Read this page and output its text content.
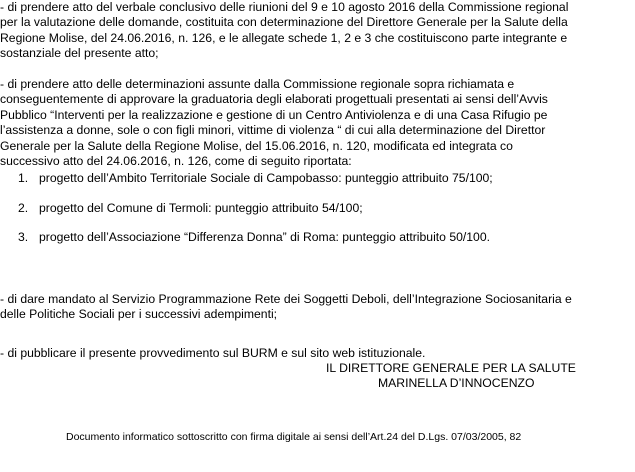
- di prendere atto del verbale conclusivo delle riunioni del 9 e 10 agosto 2016 della Commissione regional
per la valutazione delle domande, costituita con determinazione del Direttore Generale per la Salute della
Regione Molise, del 24.06.2016, n. 126, e le allegate schede 1, 2 e 3 che costituiscono parte integrante e
sostanziale del presente atto;
- di prendere atto delle determinazioni assunte dalla Commissione regionale sopra richiamata e
conseguentemente di approvare la graduatoria degli elaborati progettuali presentati ai sensi dell’Avvis
Pubblico “Interventi per la realizzazione e gestione di un Centro Antiviolenza e di una Casa Rifugio pe
l’assistenza a donne, sole o con figli minori, vittime di violenza “ di cui alla determinazione del Direttor
Generale per la Salute della Regione Molise, del 15.06.2016, n. 120, modificata ed integrata co
successivo atto del 24.06.2016, n. 126, come di seguito riportata:
1. progetto dell’Ambito Territoriale Sociale di Campobasso: punteggio attribuito 75/100;
2. progetto del Comune di Termoli: punteggio attribuito 54/100;
3. progetto dell’Associazione “Differenza Donna” di Roma: punteggio attribuito 50/100.
- di dare mandato al Servizio Programmazione Rete dei Soggetti Deboli, dell’Integrazione Sociosanitaria e
delle Politiche Sociali per i successivi adempimenti;
- di pubblicare il presente provvedimento sul BURM e sul sito web istituzionale.
IL DIRETTORE GENERALE PER LA SALUTE
MARINELLA D’INNOCENZO
Documento informatico sottoscritto con firma digitale ai sensi dell’Art.24 del D.Lgs. 07/03/2005, 82
